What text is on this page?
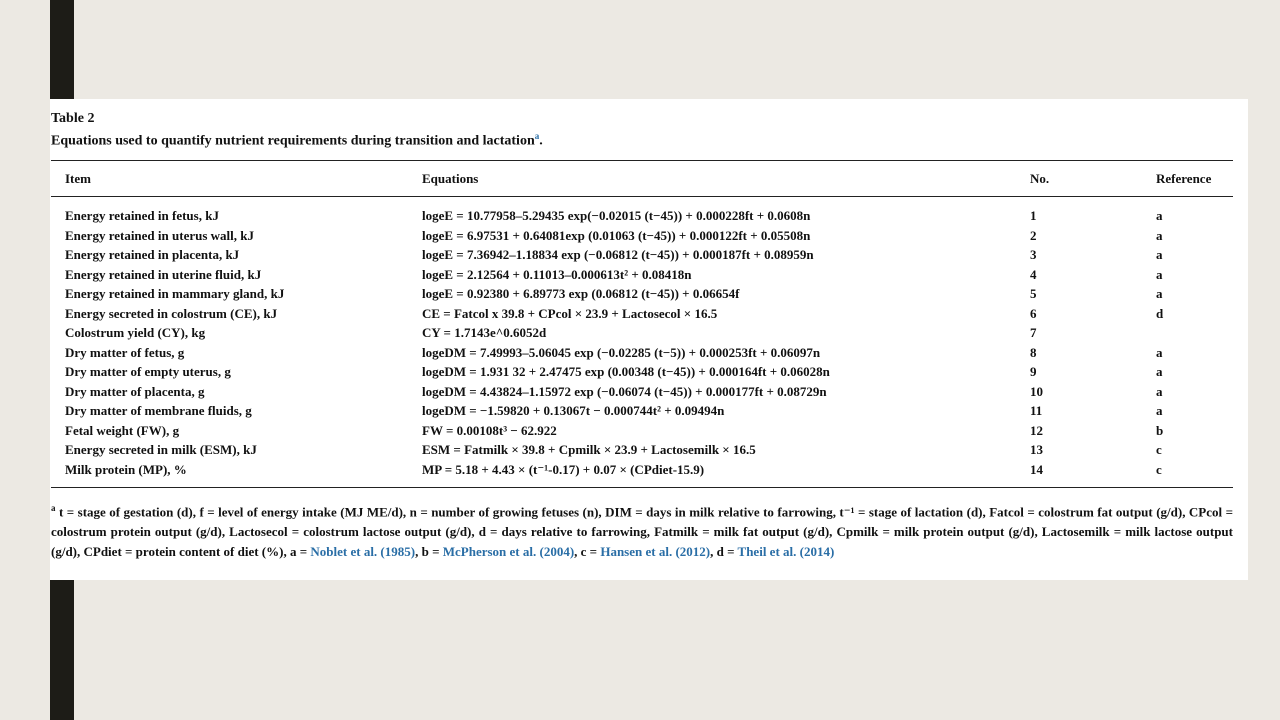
Table 2
Equations used to quantify nutrient requirements during transition and lactation$^a$.
Item	Equations	No.	Reference
Energy retained in fetus, kJ	logeE = 10.77958–5.29435 exp(−0.02015 (t−45)) + 0.000228ft + 0.0608n	1	a
Energy retained in uterus wall, kJ	logeE = 6.97531 + 0.64081exp (0.01063 (t−45)) + 0.000122ft + 0.05508n	2	a
Energy retained in placenta, kJ	logeE = 7.36942–1.18834 exp (−0.06812 (t−45)) + 0.000187ft + 0.08959n	3	a
Energy retained in uterine fluid, kJ	logeE = 2.12564 + 0.11013–0.000613t² + 0.08418n	4	a
Energy retained in mammary gland, kJ	logeE = 0.92380 + 6.89773 exp (0.06812 (t−45)) + 0.06654f	5	a
Energy secreted in colostrum (CE), kJ	CE = Fatcol x 39.8 + CPcol × 23.9 + Lactosecol × 16.5	6	d
Colostrum yield (CY), kg	CY = 1.7143e^0.6052d	7
Dry matter of fetus, g	logeDM = 7.49993–5.06045 exp (−0.02285 (t−5)) + 0.000253ft + 0.06097n	8	a
Dry matter of empty uterus, g	logeDM = 1.931 32 + 2.47475 exp (0.00348 (t−45)) + 0.000164ft + 0.06028n	9	a
Dry matter of placenta, g	logeDM = 4.43824–1.15972 exp (−0.06074 (t−45)) + 0.000177ft + 0.08729n	10	a
Dry matter of membrane fluids, g	logeDM = −1.59820 + 0.13067t − 0.000744t² + 0.09494n	11	a
Fetal weight (FW), g	FW = 0.00108t³ − 62.922	12	b
Energy secreted in milk (ESM), kJ	ESM = Fatmilk × 39.8 + Cpmilk × 23.9 + Lactosemilk × 16.5	13	c
Milk protein (MP), %	MP = 5.18 + 4.43 × (t⁻¹-0.17) + 0.07 × (CPdiet-15.9)	14	c
$^a$ t = stage of gestation (d), f = level of energy intake (MJ ME/d), n = number of growing fetuses (n), DIM = days in milk relative to farrowing, t⁻¹ = stage of lactation (d), Fatcol = colostrum fat output (g/d), CPcol = colostrum protein output (g/d), Lactosecol = colostrum lactose output (g/d), d = days relative to farrowing, Fatmilk = milk fat output (g/d), Cpmilk = milk protein output (g/d), Lactosemilk = milk lactose output (g/d), CPdiet = protein content of diet (%), a = Noblet et al. (1985), b = McPherson et al. (2004), c = Hansen et al. (2012), d = Theil et al. (2014)
